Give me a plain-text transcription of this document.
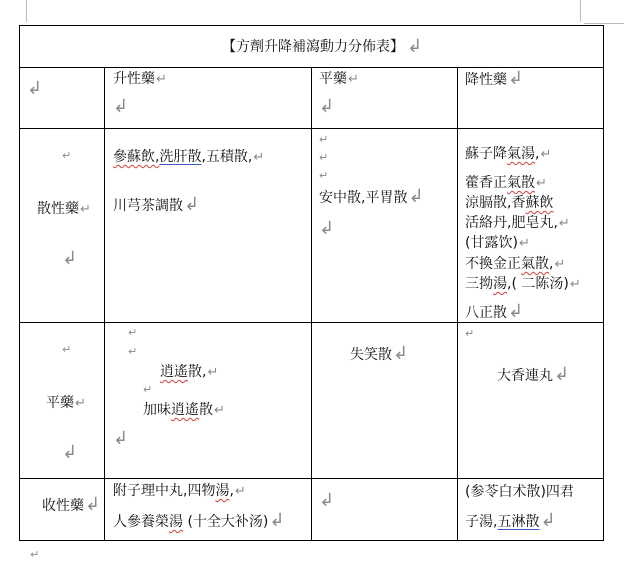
【方劑升降補瀉動力分佈表】 ↲
↲	升性藥↵
↲
平藥↵
↲
降性藥↲
↵
散性藥↵
↲
參蘇飲,洗肝散,五積散,↵
川芎茶調散↲
↵
↵
↵
安中散,平胃散↲
↲
蘇子降氣湯,↵
藿香正氣散↵
涼膈散,香蘇飲
活絡丹,肥皂丸,↵
(甘露饮)↵
不換金正氣散,↵
三拗湯,( 二陈汤)↵
八正散↲
↵
平藥↵
↲
↵
↵
逍遙散,↵
↵
加味逍遙散↵
↲
失笑散↲
↵
大香連丸↲
收性藥↲
附子理中丸,四物湯,↵
人參養榮湯 (十全大补汤)↲
↲	(参苓白术散)四君
子湯,五淋散↲
↵
